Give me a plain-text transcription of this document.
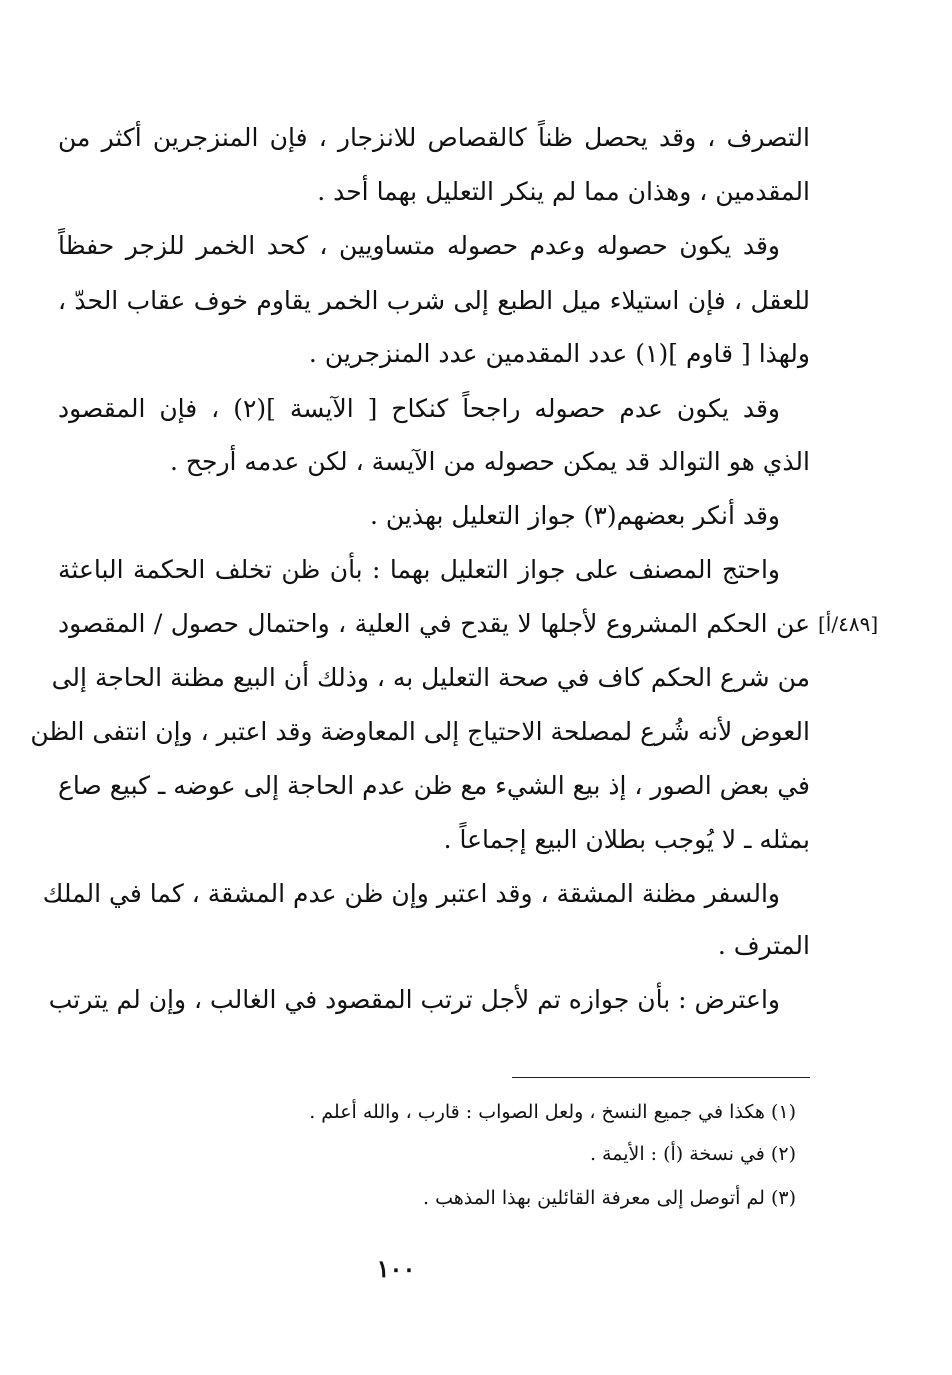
التصرف ، وقد يحصل ظناً كالقصاص للانزجار ، فإن المنزجرين أكثر من
المقدمين ، وهذان مما لم ينكر التعليل بهما أحد .
وقد يكون حصوله وعدم حصوله متساويين ، كحد الخمر للزجر حفظاً
للعقل ، فإن استيلاء ميل الطبع إلى شرب الخمر يقاوم خوف عقاب الحدّ ،
ولهذا [ قاوم ](١) عدد المقدمين عدد المنزجرين .
وقد يكون عدم حصوله راجحاً كنكاح [ الآيسة ](٢) ، فإن المقصود
الذي هو التوالد قد يمكن حصوله من الآيسة ، لكن عدمه أرجح .
وقد أنكر بعضهم(٣) جواز التعليل بهذين .
واحتج المصنف على جواز التعليل بهما : بأن ظن تخلف الحكمة الباعثة
عن الحكم المشروع لأجلها لا يقدح في العلية ، واحتمال حصول / المقصود [٤٨٩/أ]
من شرع الحكم كاف في صحة التعليل به ، وذلك أن البيع مظنة الحاجة إلى
العوض لأنه شُرع لمصلحة الاحتياج إلى المعاوضة وقد اعتبر ، وإن انتفى الظن
في بعض الصور ، إذ بيع الشيء مع ظن عدم الحاجة إلى عوضه ـ كبيع صاع
بمثله ـ لا يُوجب بطلان البيع إجماعاً .
والسفر مظنة المشقة ، وقد اعتبر وإن ظن عدم المشقة ، كما في الملك
المترف .
واعترض : بأن جوازه تم لأجل ترتب المقصود في الغالب ، وإن لم يترتب
(١) هكذا في جميع النسخ ، ولعل الصواب : قارب ، والله أعلم .
(٢) في نسخة (أ) : الأيمة .
(٣) لم أتوصل إلى معرفة القائلين بهذا المذهب .
١٠٠
